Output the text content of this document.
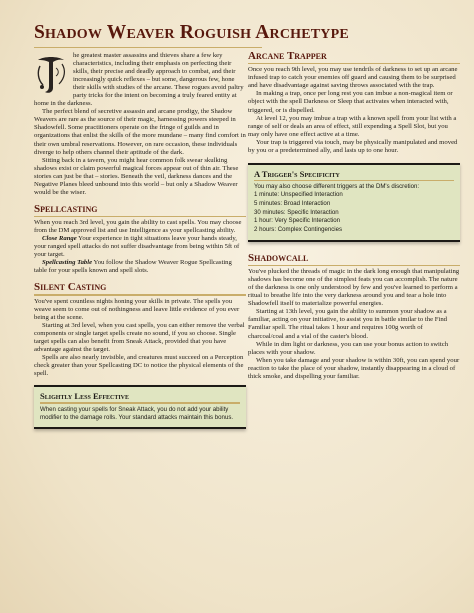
Shadow Weaver Roguish Archetype
T	he greatest master assassins and thieves share a few key characteristics, including their emphasis on perfecting their skills, their precise and deadly approach to combat, and their increasingly quick reflexes – but some, dangerous few, hone their skills with studies of the arcane. These rogues avoid paltry party tricks for the intent on becoming a truly feared entity at home in the darkness.

The perfect blend of secretive assassin and arcane prodigy, the Shadow Weavers are rare as the source of their magic, harnessing powers steeped in Shadowfell. Some practitioners operate on the fringe of guilds and in organizations that enlist the skills of the more mundane – many find comfort in their own umbral reservations. However, on rare occasion, these individuals diverge to help others channel their aptitude of the dark.

Sitting back in a tavern, you might hear common folk swear skulking shadows exist or claim powerful magical forces appear out of thin air. These stories can just be that – stories. Beneath the veil, darkness dances and the Negative Planes bleed unbound into this world – but only a Shadow Weaver would be the wiser.

Spellcasting

When you reach 3rd level, you gain the ability to cast spells. You may choose from the DM approved list and use Intelligence as your spellcasting ability.

Close Range Your experience in tight situations leave your hands steady, your ranged spell attacks do not suffer disadvantage from being within 5ft of your target.

Spellcasting Table You follow the Shadow Weaver Rogue Spellcasting table for your spells known and spell slots.

Silent Casting

You've spent countless nights honing your skills in private. The spells you weave seem to come out of nothingness and leave little evidence of you ever being at the scene.

Starting at 3rd level, when you cast spells, you can either remove the verbal components or single target spells create no sound, if you so choose. Single target spells can also benefit from Sneak Attack, provided that you have advantage against the target.

Spells are also nearly invisible, and creatures must succeed on a Perception check greater than your Spellcasting DC to notice the physical elements of the spell.

Slightly Less Effective

When casting your spells for Sneak Attack, you do not add your ability modifier to the damage rolls. Your standard attacks maintain this bonus.

Arcane Trapper

Once you reach 9th level, you may use tendrils of darkness to set up an arcane infused trap to catch your enemies off guard and causing them to be surprised and have disadvantage against saving throws associated with the trap.

In making a trap, once per long rest you can imbue a non-magical item or object with the spell Darkness or Sleep that activates when interacted with, triggered, or is dispelled.

At level 12, you may imbue a trap with a known spell from your list with a range of self or deals an area of effect, still expending a Spell Slot, but you may only have one effect active at a time.

Your trap is triggered via touch, may be physically manipulated and moved by you or a predetermined ally, and lasts up to one hour.

A Trigger's Specificity

You may also choose different triggers at the DM's discretion:

1 minute: Unspecified Interaction
5 minutes: Broad Interaction
30 minutes: Specific Interaction
1 hour: Very Specific Interaction
2 hours: Complex Contingencies
Shadowcall

You've plucked the threads of magic in the dark long enough that manipulating shadows has become one of the simplest feats you can accomplish. The nature of the darkness is one only understood by few and you've learned to perform a ritual to breathe life into the very darkness around you and tear a hole into Shadowfell itself to materialize powerful energies.

Starting at 13th level, you gain the ability to summon your shadow as a familiar, acting on your initiative, to assist you in battle similar to the Find Familiar spell. The ritual takes 1 hour and requires 100g worth of charcoal/coal and a vial of the caster's blood.

While in dim light or darkness, you can use your bonus action to switch places with your shadow.

When you take damage and your shadow is within 30ft, you can spend your reaction to take the place of your shadow, instantly disappearing in a cloud of thick smoke, and dispelling your familiar.
